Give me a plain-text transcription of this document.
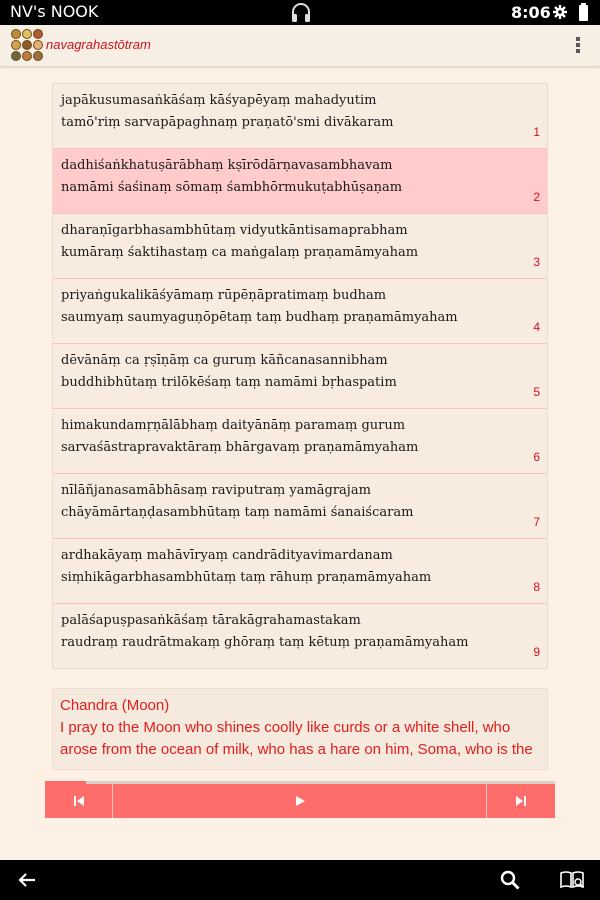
NV's NOOK	8:06
navagrahastōtram
japākusumasaṅkāśaṃ kāśyapēyaṃ mahadyutim
tamō'riṃ sarvapāpaghnaṃ praṇatō'smi divākaram
1
dadhiśaṅkhatuṣārābhaṃ kṣīrōdārṇavasambhavam
namāmi śaśinaṃ sōmaṃ śambhōrmukuṭabhūṣaṇam
2
dharaṇīgarbhasambhūtaṃ vidyutkāntisamaprabham
kumāraṃ śaktihastaṃ ca maṅgalaṃ praṇamāmyaham
3
priyaṅgukalikāśyāmaṃ rūpēṇāpratimaṃ budham
saumyaṃ saumyaguṇōpētaṃ taṃ budhaṃ praṇamāmyaham
4
dēvānāṃ ca ṛṣīṇāṃ ca guruṃ kāñcanasannibham
buddhibhūtaṃ trilōkēśaṃ taṃ namāmi bṛhaspatim
5
himakundamṛṇālābhaṃ daityānāṃ paramaṃ gurum
sarvaśāstrapravaktāraṃ bhārgavaṃ praṇamāmyaham
6
nīlāñjanasamābhāsaṃ raviputraṃ yamāgrajam
chāyāmārtaṇḍasambhūtaṃ taṃ namāmi śanaiścaram
7
ardhakāyaṃ mahāvīryaṃ candrādityavimardanam
siṃhikāgarbhasambhūtaṃ taṃ rāhuṃ praṇamāmyaham
8
palāśapuṣpasaṅkāśaṃ tārakāgrahamastakam
raudraṃ raudrātmakaṃ ghōraṃ taṃ kētuṃ praṇamāmyaham
9
Chandra (Moon)
I pray to the Moon who shines coolly like curds or a white shell, who arose from the ocean of milk, who has a hare on him, Soma, who is the
